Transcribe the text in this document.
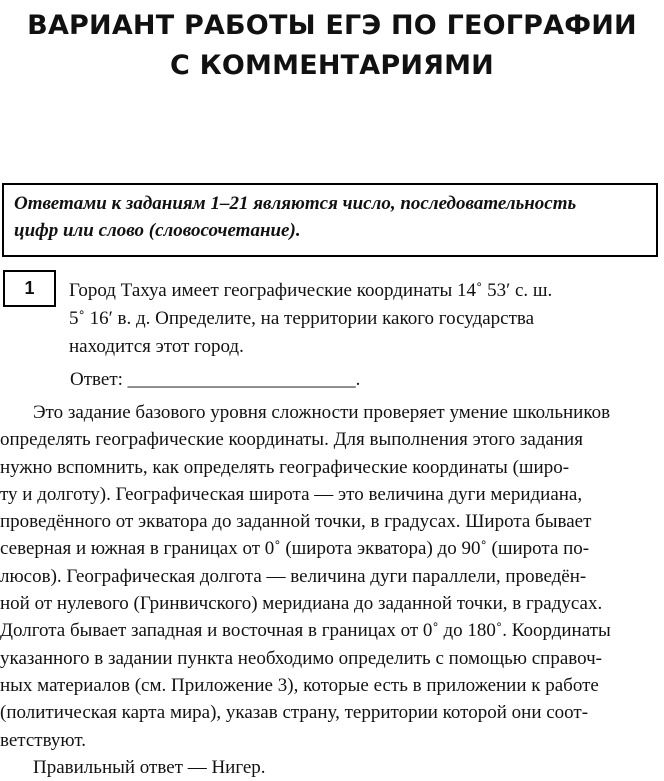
ВАРИАНТ РАБОТЫ ЕГЭ ПО ГЕОГРАФИИ
С КОММЕНТАРИЯМИ
Ответами к заданиям 1–21 являются число, последовательность
цифр или слово (словосочетание).
1 Город Тахуа имеет географические координаты 14˚ 53′ с. ш.
5˚ 16′ в. д. Определите, на территории какого государства
находится этот город.
Ответ: ________________________.
Это задание базового уровня сложности проверяет умение школьников
определять географические координаты. Для выполнения этого задания
нужно вспомнить, как определять географические координаты (широ-
ту и долготу). Географическая широта — это величина дуги меридиана,
проведённого от экватора до заданной точки, в градусах. Широта бывает
северная и южная в границах от 0˚ (широта экватора) до 90˚ (широта по-
люсов). Географическая долгота — величина дуги параллели, проведён-
ной от нулевого (Гринвичского) меридиана до заданной точки, в градусах.
Долгота бывает западная и восточная в границах от 0˚ до 180˚. Координаты
указанного в задании пункта необходимо определить с помощью справоч-
ных материалов (см. Приложение 3), которые есть в приложении к работе
(политическая карта мира), указав страну, территории которой они соот-
ветствуют.
Правильный ответ — Нигер.
